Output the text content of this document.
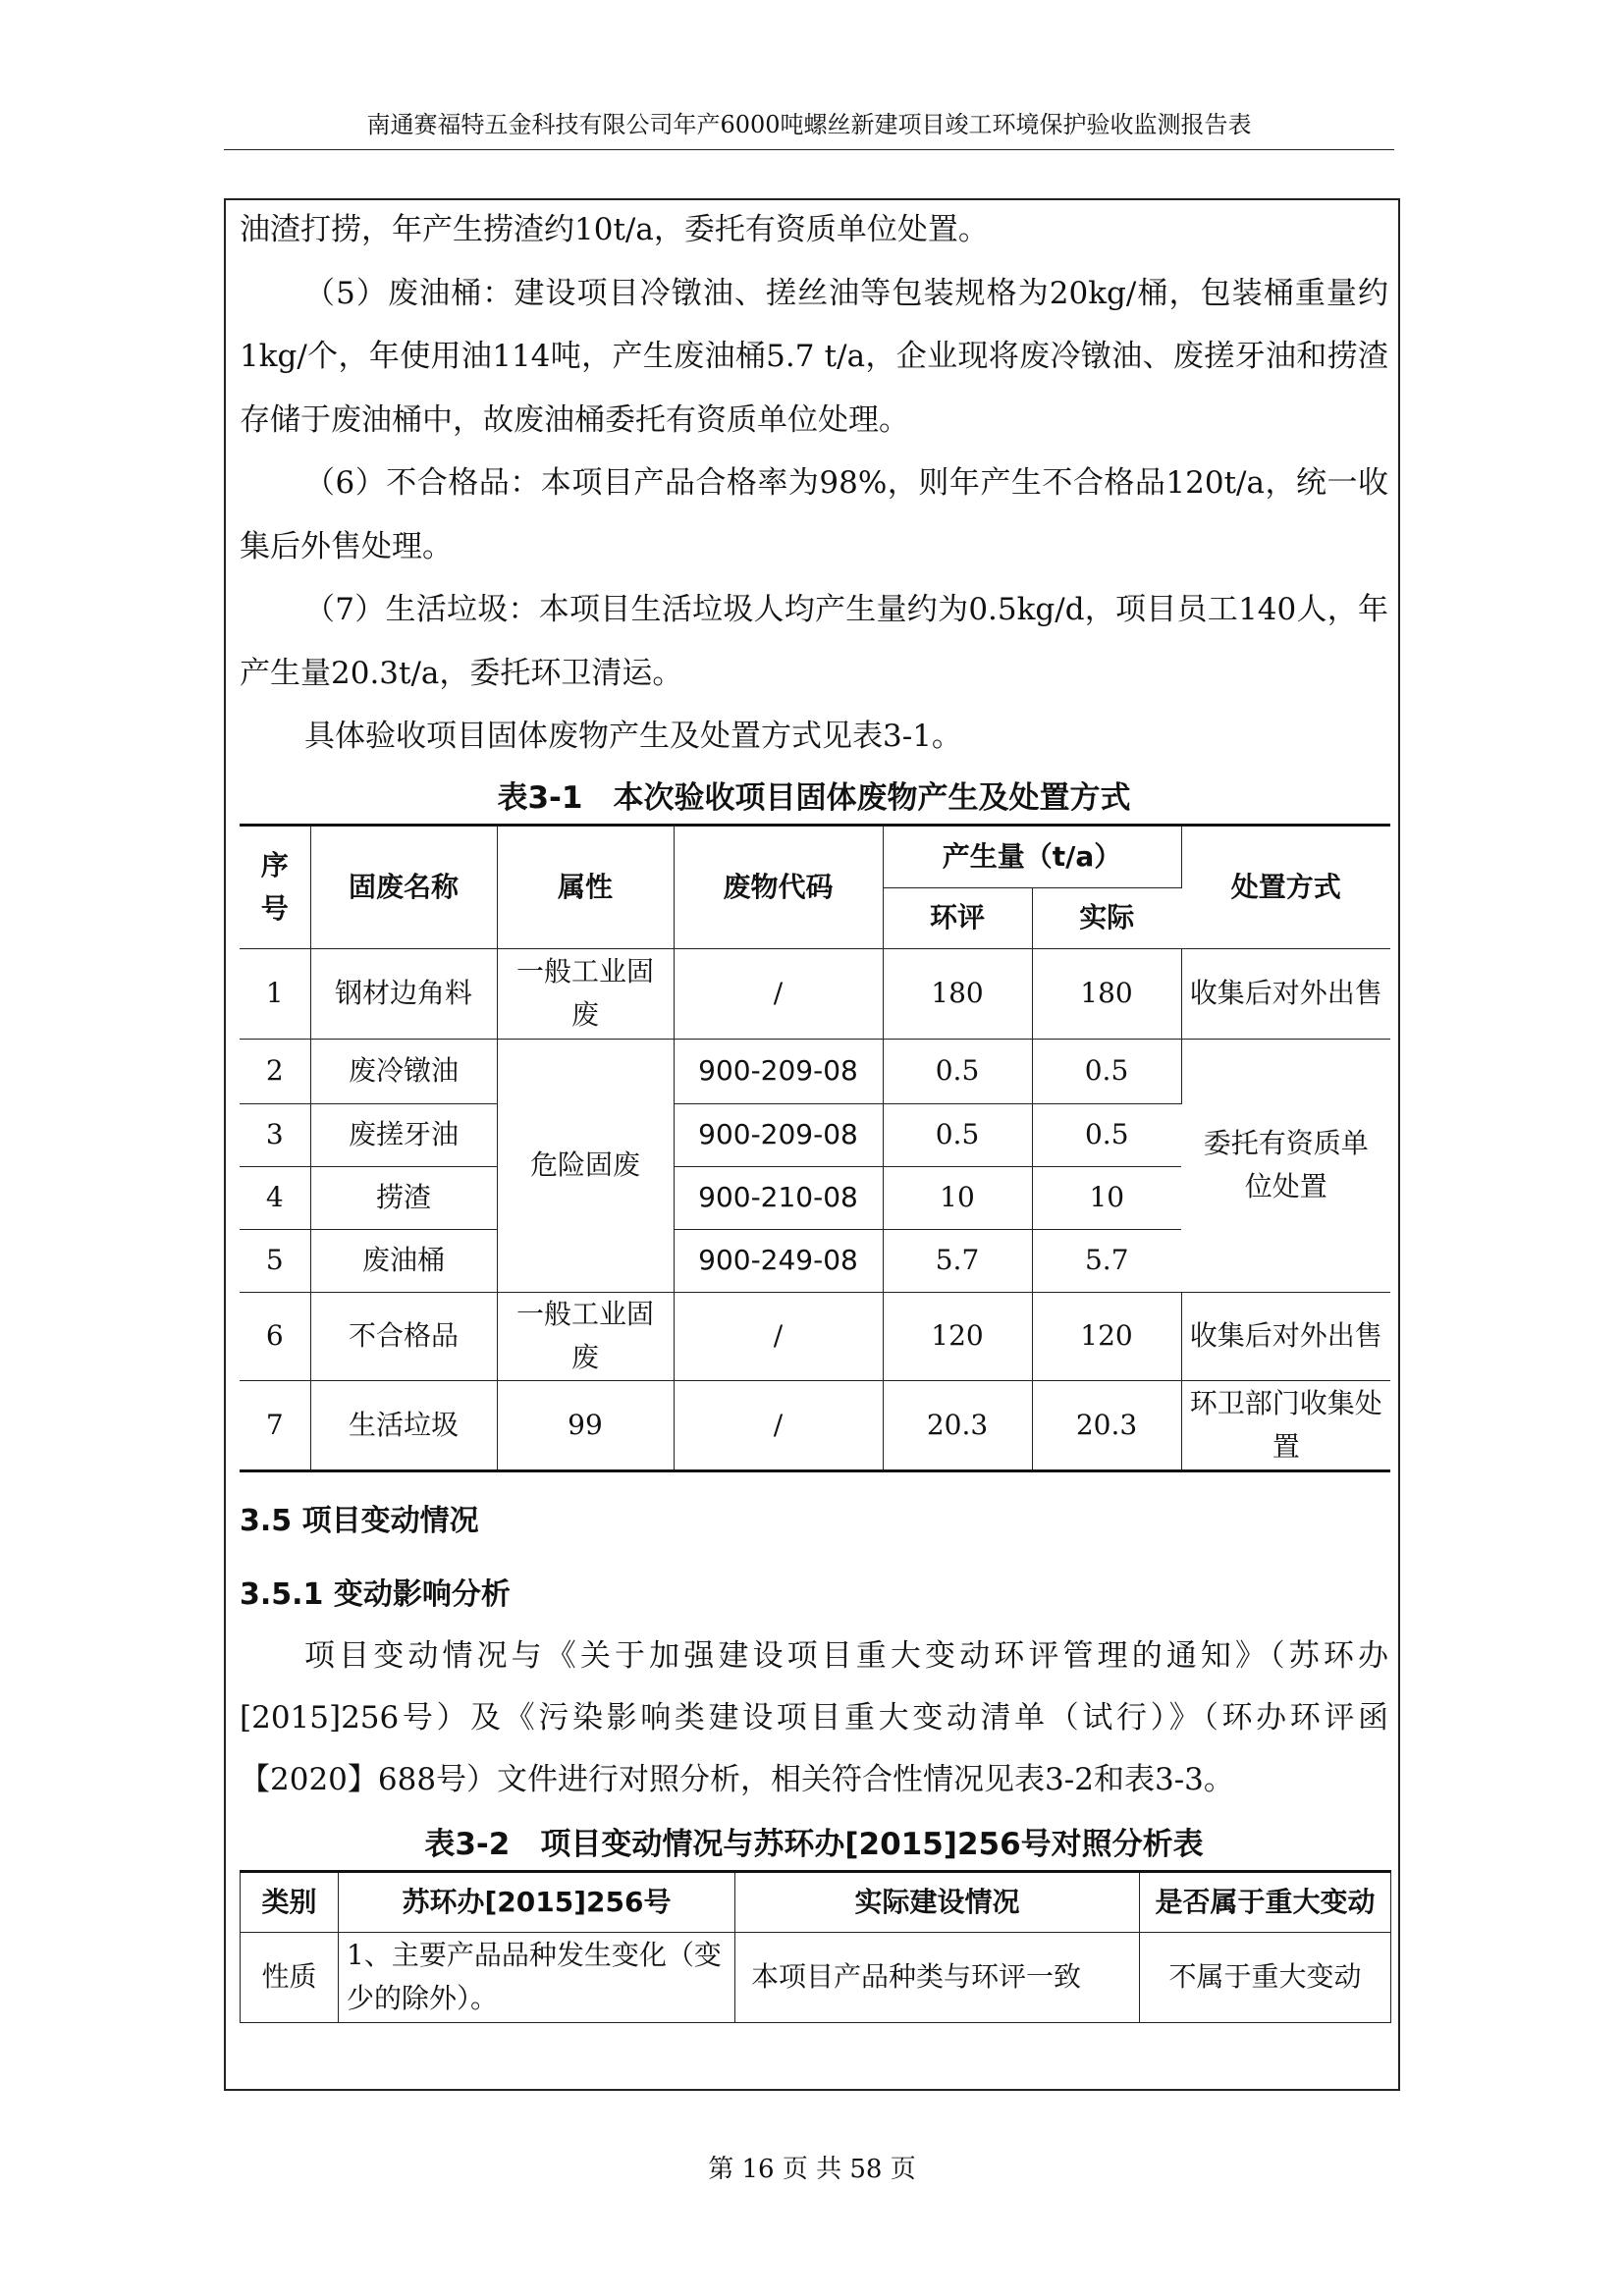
南通赛福特五金科技有限公司年产6000吨螺丝新建项目竣工环境保护验收监测报告表

油渣打捞，年产生捞渣约10t/a，委托有资质单位处置。

（5）废油桶：建设项目冷镦油、搓丝油等包装规格为20kg/桶，包装桶重量约1kg/个，年使用油114吨，产生废油桶5.7 t/a，企业现将废冷镦油、废搓牙油和捞渣存储于废油桶中，故废油桶委托有资质单位处理。

（6）不合格品：本项目产品合格率为98%，则年产生不合格品120t/a，统一收集后外售处理。

（7）生活垃圾：本项目生活垃圾人均产生量约为0.5kg/d，项目员工140人，年产生量20.3t/a，委托环卫清运。

具体验收项目固体废物产生及处置方式见表3-1。

表3-1　本次验收项目固体废物产生及处置方式

序号	固废名称	属性	废物代码	产生量（t/a）		处置方式
				环评	实际	
1	钢材边角料	一般工业固废	/	180	180	收集后对外出售
2	废冷镦油	危险固废	900-209-08	0.5	0.5	委托有资质单位处置
3	废搓牙油		900-209-08	0.5	0.5	
4	捞渣		900-210-08	10	10	
5	废油桶		900-249-08	5.7	5.7	
6	不合格品	一般工业固废	/	120	120	收集后对外出售
7	生活垃圾	99	/	20.3	20.3	环卫部门收集处置

3.5 项目变动情况

3.5.1 变动影响分析

项目变动情况与《关于加强建设项目重大变动环评管理的通知》（苏环办[2015]256号）及《污染影响类建设项目重大变动清单（试行）》（环办环评函【2020】688号）文件进行对照分析，相关符合性情况见表3-2和表3-3。

表3-2　项目变动情况与苏环办[2015]256号对照分析表

类别	苏环办[2015]256号	实际建设情况	是否属于重大变动
性质	1、主要产品品种发生变化（变少的除外）。	本项目产品种类与环评一致	不属于重大变动
第 16 页 共 58 页
